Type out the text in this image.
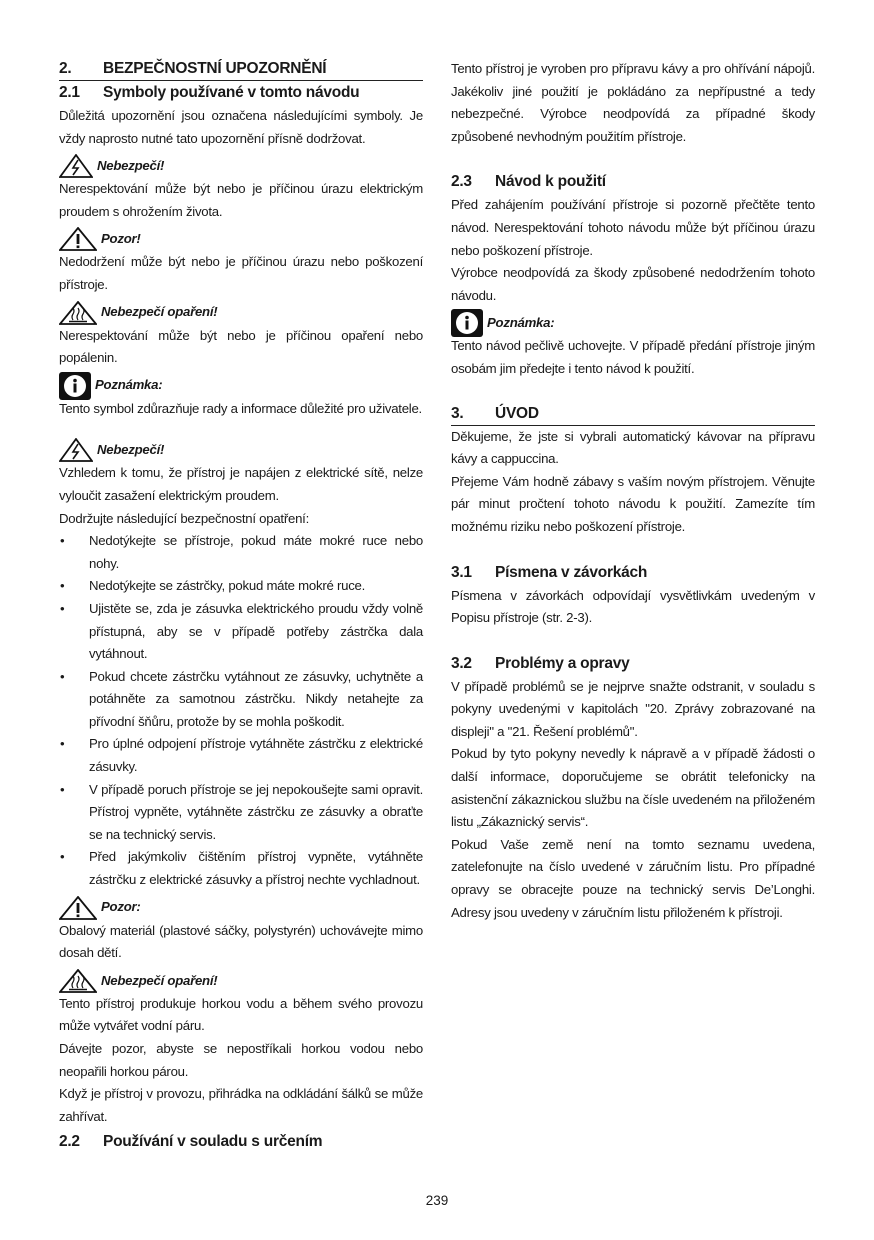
2.	BEZPEČNOSTNÍ UPOZORNĚNÍ
2.1	Symboly používané v tomto návodu

Důležitá upozornění jsou označena následujícími symboly. Je vždy naprosto nutné tato upozornění přísně dodržovat.

Nebezpečí!

Nerespektování může být nebo je příčinou úrazu elektrickým proudem s ohrožením života.

Pozor!

Nedodržení může být nebo je příčinou úrazu nebo poškození přístroje.

Nebezpečí opaření!

Nerespektování může být nebo je příčinou opaření nebo popálenin.

Poznámka:

Tento symbol zdůrazňuje rady a informace důležité pro uživatele.

Nebezpečí!

Vzhledem k tomu, že přístroj je napájen z elektrické sítě, nelze vyloučit zasažení elektrickým proudem.

Dodržujte následující bezpečnostní opatření:

• Nedotýkejte se přístroje, pokud máte mokré ruce nebo nohy.
• Nedotýkejte se zástrčky, pokud máte mokré ruce.
• Ujistěte se, zda je zásuvka elektrického proudu vždy volně přístupná, aby se v případě potřeby zástrčka dala vytáhnout.
• Pokud chcete zástrčku vytáhnout ze zásuvky, uchytněte a potáhněte za samotnou zástrčku. Nikdy netahejte za přívodní šňůru, protože by se mohla poškodit.
• Pro úplné odpojení přístroje vytáhněte zástrčku z elektrické zásuvky.
• V případě poruch přístroje se jej nepokoušejte sami opravit. Přístroj vypněte, vytáhněte zástrčku ze zásuvky a obraťte se na technický servis.
• Před jakýmkoliv čištěním přístroj vypněte, vytáhněte zástrčku z elektrické zásuvky a přístroj nechte vychladnout.
Pozor:

Obalový materiál (plastové sáčky, polystyrén) uchovávejte mimo dosah dětí.

Nebezpečí opaření!

Tento přístroj produkuje horkou vodu a během svého provozu může vytvářet vodní páru.

Dávejte pozor, abyste se nepostříkali horkou vodou nebo neopařili horkou párou.

Když je přístroj v provozu, přihrádka na odkládání šálků se může zahřívat.

2.2	Používání v souladu s určením

Tento přístroj je vyroben pro přípravu kávy a pro ohřívání nápojů. Jakékoliv jiné použití je pokládáno za nepřípustné a tedy nebezpečné. Výrobce neodpovídá za případné škody způsobené nevhodným použitím přístroje.

2.3	Návod k použití

Před zahájením používání přístroje si pozorně přečtěte tento návod. Nerespektování tohoto návodu může být příčinou úrazu nebo poškození přístroje.

Výrobce neodpovídá za škody způsobené nedodržením tohoto návodu.

Poznámka:

Tento návod pečlivě uchovejte. V případě předání přístroje jiným osobám jim předejte i tento návod k použití.

3.	ÚVOD

Děkujeme, že jste si vybrali automatický kávovar na přípravu kávy a cappuccina.

Přejeme Vám hodně zábavy s vaším novým přístrojem. Věnujte pár minut pročtení tohoto návodu k použití. Zamezíte tím možnému riziku nebo poškození přístroje.

3.1	Písmena v závorkách

Písmena v závorkách odpovídají vysvětlivkám uvedeným v Popisu přístroje (str. 2-3).

3.2	Problémy a opravy

V případě problémů se je nejprve snažte odstranit, v souladu s pokyny uvedenými v kapitolách "20. Zprávy zobrazované na displeji" a "21. Řešení problémů".

Pokud by tyto pokyny nevedly k nápravě a v případě žádosti o další informace, doporučujeme se obrátit telefonicky na asistenční zákaznickou službu na čísle uvedeném na přiloženém listu „Zákaznický servis“.

Pokud Vaše země není na tomto seznamu uvedena, zatelefonujte na číslo uvedené v záručním listu. Pro případné opravy se obracejte pouze na technický servis De’Longhi. Adresy jsou uvedeny v záručním listu přiloženém k přístroji.

239
